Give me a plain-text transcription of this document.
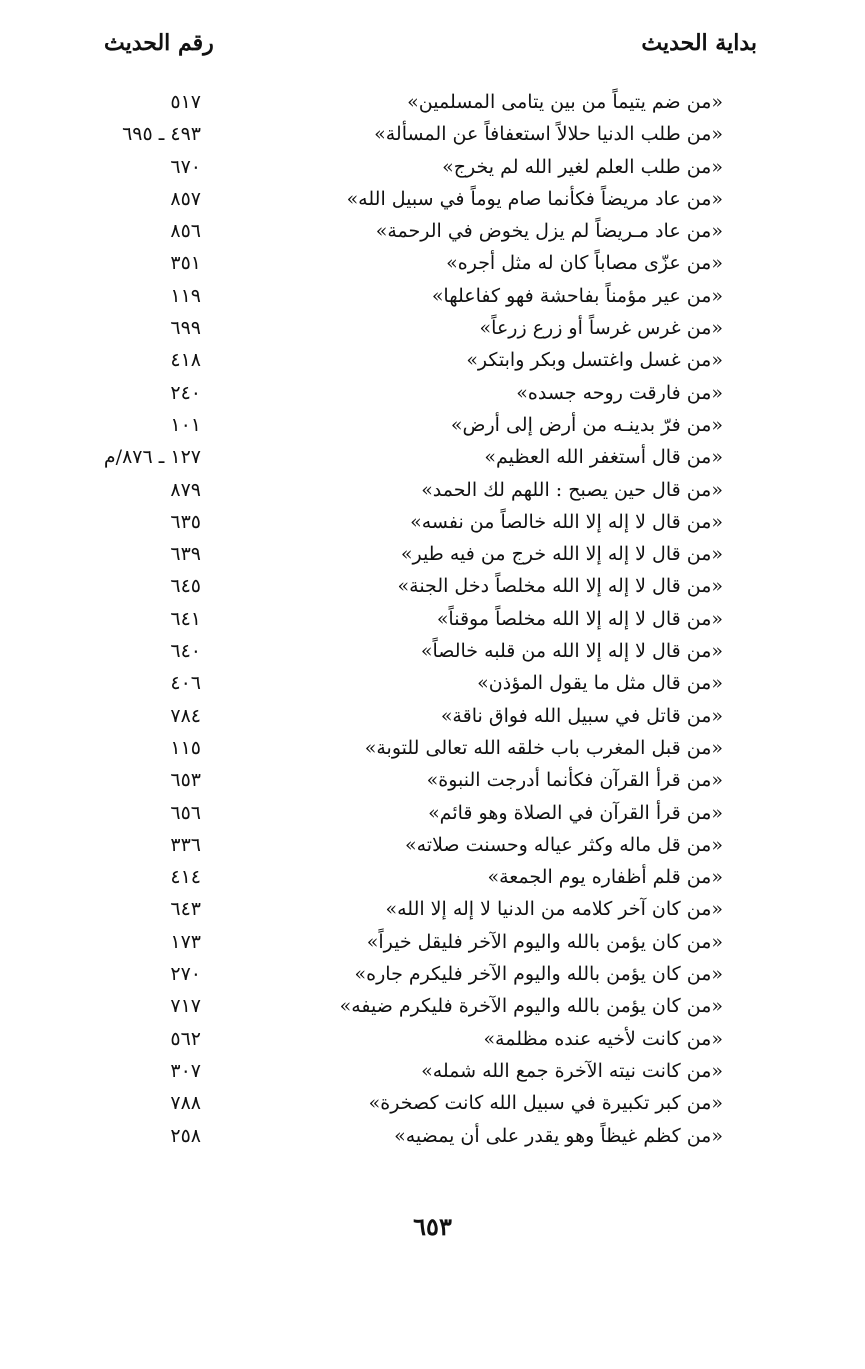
بداية الحديث
رقم الحديث
«من ضم يتيماً من بين يتامى المسلمين»
٥١٧
«من طلب الدنيا حلالاً استعفافاً عن المسألة»
٤٩٣ ـ ٦٩٥
«من طلب العلم لغير الله لم يخرج»
٦٧٠
«من عاد مريضاً فكأنما صام يوماً في سبيل الله»
٨٥٧
«من عاد مـريضاً لم يزل يخوض في الرحمة»
٨٥٦
«من عزّى مصاباً كان له مثل أجره»
٣٥١
«من عير مؤمناً بفاحشة فهو كفاعلها»
١١٩
«من غرس غرساً أو زرع زرعاً»
٦٩٩
«من غسل واغتسل وبكر وابتكر»
٤١٨
«من فارقت روحه جسده»
٢٤٠
«من فرّ بدينـه من أرض إلى أرض»
١٠١
«من قال أستغفر الله العظيم»
١٢٧ ـ ٨٧٦/م
«من قال حين يصبح : اللهم لك الحمد»
٨٧٩
«من قال لا إله إلا الله خالصاً من نفسه»
٦٣٥
«من قال لا إله إلا الله خرج من فيه طير»
٦٣٩
«من قال لا إله إلا الله مخلصاً دخل الجنة»
٦٤٥
«من قال لا إله إلا الله مخلصاً موقناً»
٦٤١
«من قال لا إله إلا الله من قلبه خالصاً»
٦٤٠
«من قال مثل ما يقول المؤذن»
٤٠٦
«من قاتل في سبيل الله فواق ناقة»
٧٨٤
«من قبل المغرب باب خلقه الله تعالى للتوبة»
١١٥
«من قرأ القرآن فكأنما أدرجت النبوة»
٦٥٣
«من قرأ القرآن في الصلاة وهو قائم»
٦٥٦
«من قل ماله وكثر عياله وحسنت صلاته»
٣٣٦
«من قلم أظفاره يوم الجمعة»
٤١٤
«من كان آخر كلامه من الدنيا لا إله إلا الله»
٦٤٣
«من كان يؤمن بالله واليوم الآخر فليقل خيراً»
١٧٣
«من كان يؤمن بالله واليوم الآخر فليكرم جاره»
٢٧٠
«من كان يؤمن بالله واليوم الآخرة فليكرم ضيفه»
٧١٧
«من كانت لأخيه عنده مظلمة»
٥٦٢
«من كانت نيته الآخرة جمع الله شمله»
٣٠٧
«من كبر تكبيرة في سبيل الله كانت كصخرة»
٧٨٨
«من كظم غيظاً وهو يقدر على أن يمضيه»
٢٥٨
٦٥٣
